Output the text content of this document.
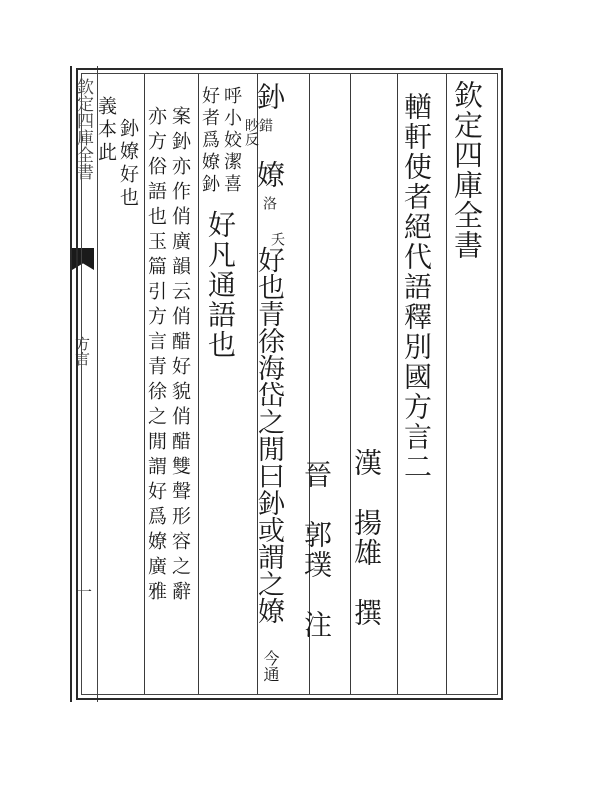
欽定四庫全書
方言
一
欽定四庫全書
輶軒使者絕代語釋別國方言二
漢　揚雄　撰
晉　郭璞　注
釥
錯
眇反
嫽
洛
夭
好也青徐海岱之閒曰釥或謂之嫽
今通
呼小姣潔喜
好者爲嫽釥
好凡通語也
案釥亦作俏廣韻云俏醋好貌俏醋雙聲形容之辭
亦方俗語也玉篇引方言青徐之閒謂好爲嫽廣雅
釥嫽好也
義本此
